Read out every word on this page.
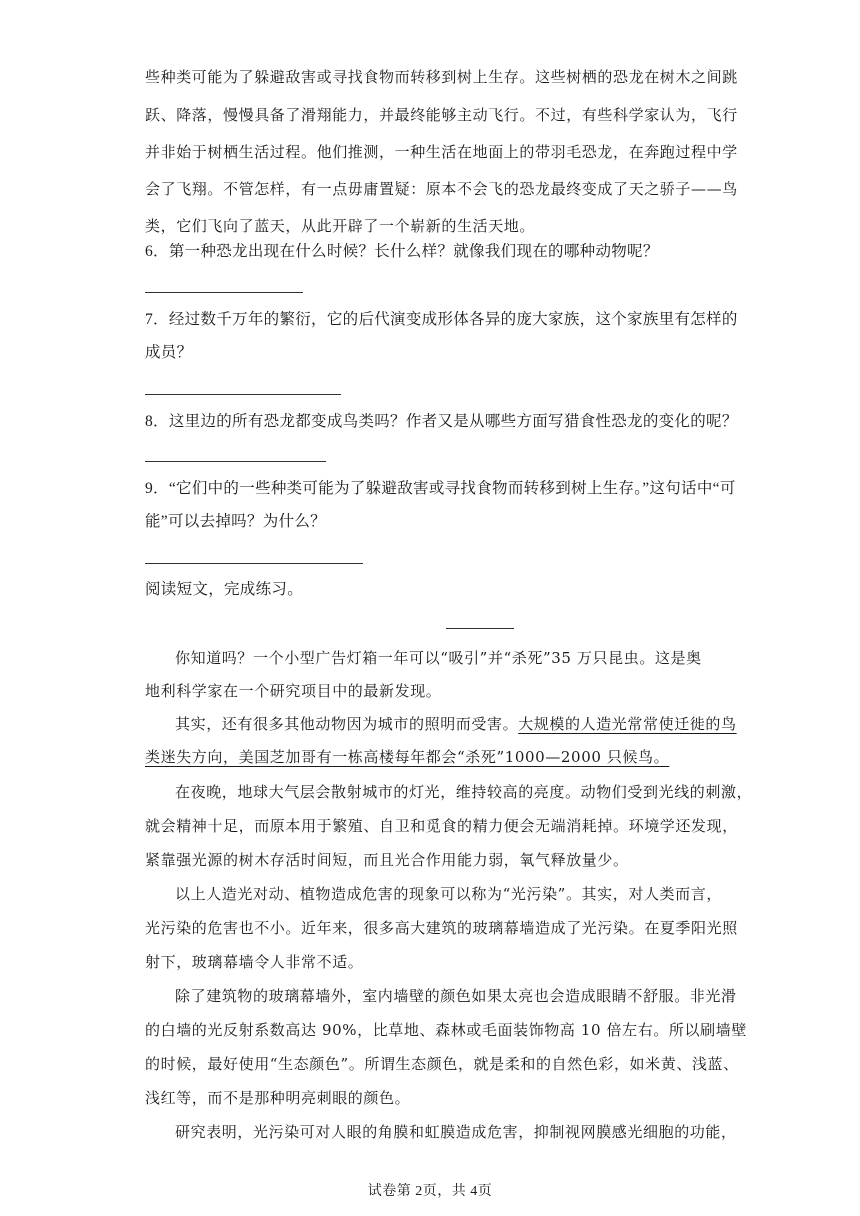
些种类可能为了躲避敌害或寻找食物而转移到树上生存。这些树栖的恐龙在树木之间跳
跃、降落，慢慢具备了滑翔能力，并最终能够主动飞行。不过，有些科学家认为，飞行
并非始于树栖生活过程。他们推测，一种生活在地面上的带羽毛恐龙，在奔跑过程中学
会了飞翔。不管怎样，有一点毋庸置疑：原本不会飞的恐龙最终变成了天之骄子——鸟
类，它们飞向了蓝天，从此开辟了一个崭新的生活天地。
6．第一种恐龙出现在什么时候？长什么样？就像我们现在的哪种动物呢？
7．经过数千万年的繁衍，它的后代演变成形体各异的庞大家族，这个家族里有怎样的
成员？
8．这里边的所有恐龙都变成鸟类吗？作者又是从哪些方面写猎食性恐龙的变化的呢？
9．“它们中的一些种类可能为了躲避敌害或寻找食物而转移到树上生存。”这句话中“可
能”可以去掉吗？为什么？
阅读短文，完成练习。
你知道吗？一个小型广告灯箱一年可以“吸引”并“杀死”35 万只昆虫。这是奥
地利科学家在一个研究项目中的最新发现。
其实，还有很多其他动物因为城市的照明而受害。大规模的人造光常常使迁徙的鸟
类迷失方向，美国芝加哥有一栋高楼每年都会“杀死”1000—2000 只候鸟。
在夜晚，地球大气层会散射城市的灯光，维持较高的亮度。动物们受到光线的刺激，
就会精神十足，而原本用于繁殖、自卫和觅食的精力便会无端消耗掉。环境学还发现，
紧靠强光源的树木存活时间短，而且光合作用能力弱，氧气释放量少。
以上人造光对动、植物造成危害的现象可以称为“光污染”。其实，对人类而言，
光污染的危害也不小。近年来，很多高大建筑的玻璃幕墙造成了光污染。在夏季阳光照
射下，玻璃幕墙令人非常不适。
除了建筑物的玻璃幕墙外，室内墙壁的颜色如果太亮也会造成眼睛不舒服。非光滑
的白墙的光反射系数高达 90%，比草地、森林或毛面装饰物高 10 倍左右。所以刷墙壁
的时候，最好使用“生态颜色”。所谓生态颜色，就是柔和的自然色彩，如米黄、浅蓝、
浅红等，而不是那种明亮刺眼的颜色。
研究表明，光污染可对人眼的角膜和虹膜造成危害，抑制视网膜感光细胞的功能，
试卷第 2页，共 4页
